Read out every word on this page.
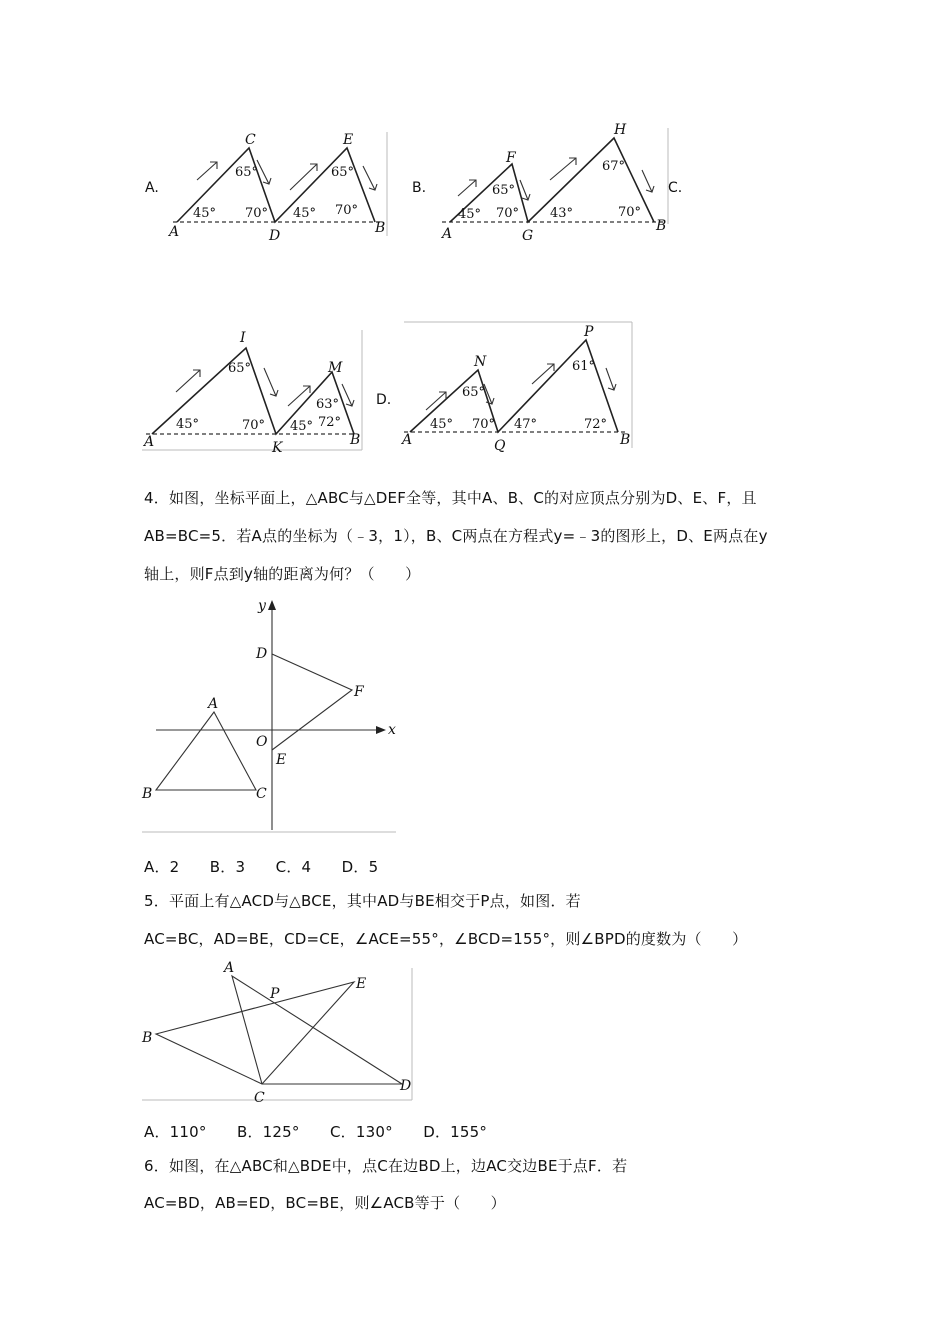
A.
A
C
D
E
B
45°
65°
70° 45°
65°
70°
B.
A
F
G
H
B
45°
65°
70° 43°
67°
70°
C.
A
I
K
M
B
45°
65°
70° 45°
63°
72°
D.
A
N
Q
P
B
45°
65°
70° 47°
61°
72°
4．如图，坐标平面上，△ABC与△DEF全等，其中A、B、C的对应顶点分别为D、E、F，且
AB=BC=5．若A点的坐标为（﹣3，1），B、C两点在方程式y=﹣3的图形上，D、E两点在y
轴上，则F点到y轴的距离为何？（　　）
y
x
O
A
B	C
D
E
F
A．2　　B．3　　C．4　　D．5
5．平面上有△ACD与△BCE，其中AD与BE相交于P点，如图．若
AC=BC，AD=BE，CD=CE，∠ACE=55°，∠BCD=155°，则∠BPD的度数为（　　）
A
P
E
B
C
D
A．110°　　B．125°　　C．130°　　D．155°
6．如图，在△ABC和△BDE中，点C在边BD上，边AC交边BE于点F．若
AC=BD，AB=ED，BC=BE，则∠ACB等于（　　）
